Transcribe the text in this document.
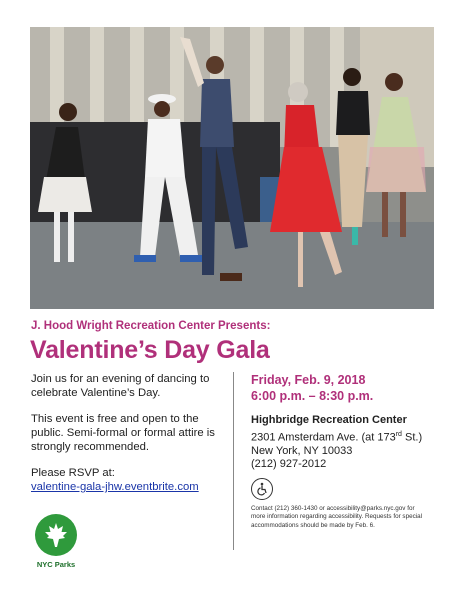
J. Hood Wright Recreation Center Presents:
Valentine’s Day Gala

Join us for an evening of dancing to celebrate Valentine’s Day.

This event is free and open to the public. Semi-formal or formal attire is strongly recommended.

Please RSVP at:
valentine-gala-jhw.eventbrite.com
Friday, Feb. 9, 2018
6:00 p.m. – 8:30 p.m.
Highbridge Recreation Center
2301 Amsterdam Ave. (at 173rd St.)
New York, NY 10033
(212) 927-2012
Contact (212) 360-1430 or accessibility@parks.nyc.gov for more information regarding accessibility. Requests for special accommodations should be made by Feb. 6.
NYC Parks
